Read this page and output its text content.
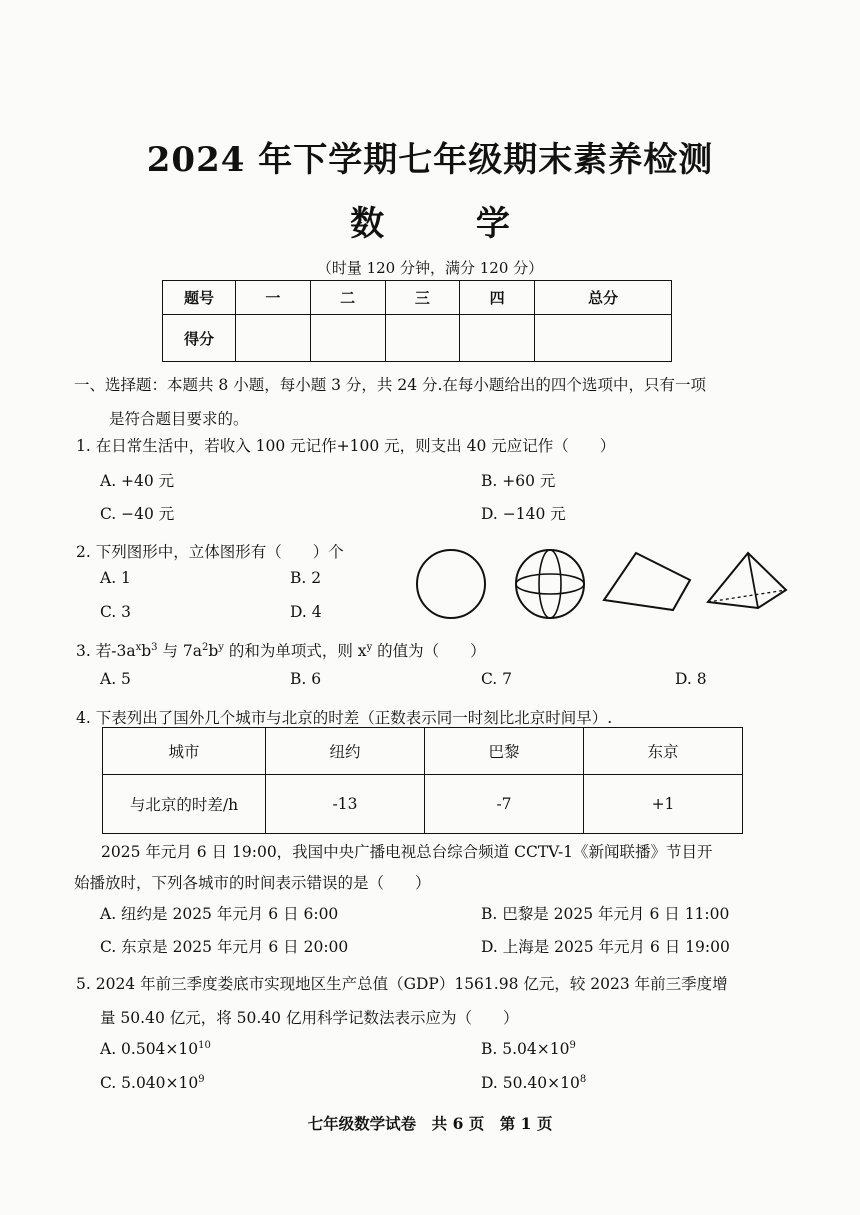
2024 年下学期七年级期末素养检测
数 学
（时量 120 分钟，满分 120 分）
题号	一	二	三	四	总分
得分					
一、选择题：本题共 8 小题，每小题 3 分，共 24 分.在每小题给出的四个选项中，只有一项
是符合题目要求的。
1. 在日常生活中，若收入 100 元记作+100 元，则支出 40 元应记作（　　）
A. +40 元	B. +60 元
C. −40 元	D. −140 元
2. 下列图形中，立体图形有（　　）个
A. 1	B. 2
C. 3	D. 4
3. 若$-3a^xb^3$ 与 $7a^2b^y$ 的和为单项式，则 $x^y$ 的值为（　　）
A. 5	B. 6	C. 7	D. 8
4. 下表列出了国外几个城市与北京的时差（正数表示同一时刻比北京时间早）.
城市	纽约	巴黎	东京
与北京的时差/h	-13	-7	+1
2025 年元月 6 日 19:00，我国中央广播电视总台综合频道 CCTV-1《新闻联播》节目开
始播放时，下列各城市的时间表示错误的是（　　）
A. 纽约是 2025 年元月 6 日 6:00	B. 巴黎是 2025 年元月 6 日 11:00
C. 东京是 2025 年元月 6 日 20:00	D. 上海是 2025 年元月 6 日 19:00
5. 2024 年前三季度娄底市实现地区生产总值（GDP）1561.98 亿元，较 2023 年前三季度增
量 50.40 亿元，将 50.40 亿用科学记数法表示应为（　　）
A. $0.504\times 10^{10}$	B. $5.04\times 10^9$
C. $5.040\times 10^9$	D. $50.40\times 10^8$
七年级数学试卷　共 6 页　第 1 页
